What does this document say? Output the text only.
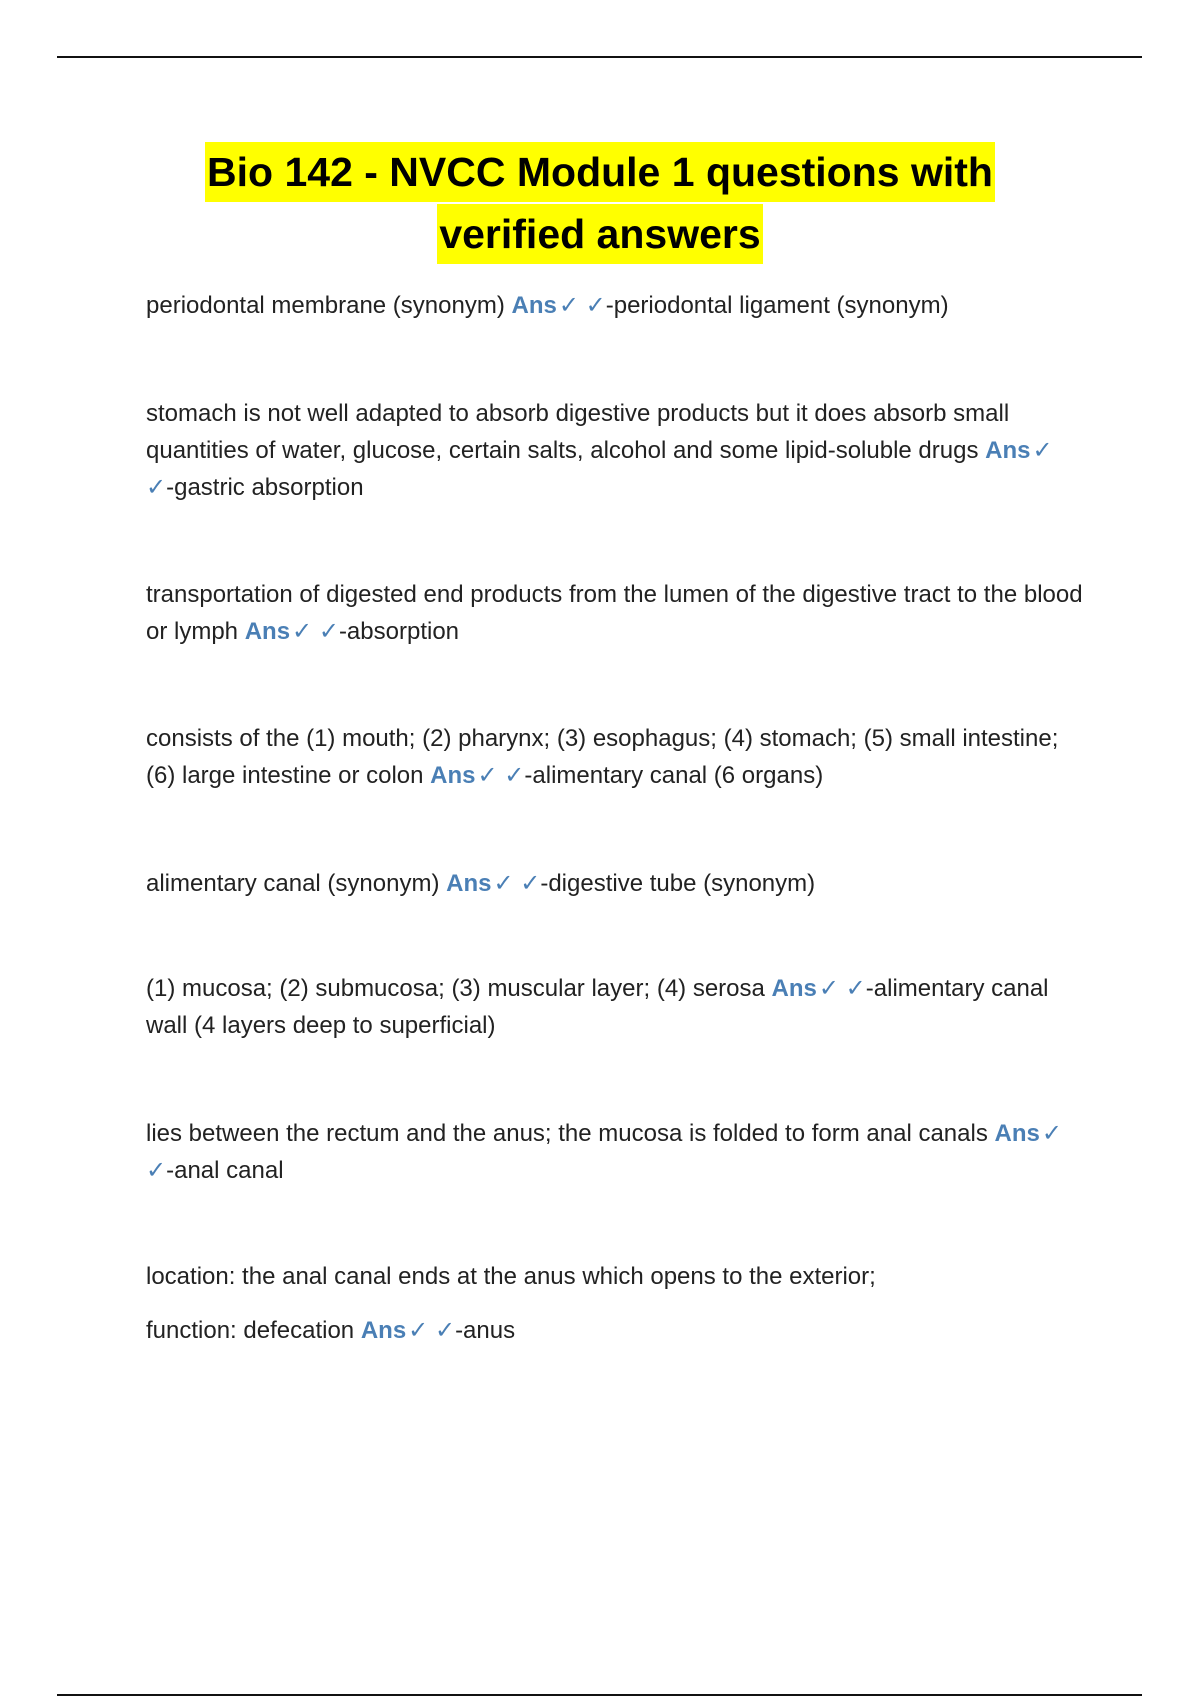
Bio 142 - NVCC Module 1 questions with
verified answers
periodontal membrane (synonym) Ans✓ ✓-periodontal ligament (synonym)
stomach is not well adapted to absorb digestive products but it does absorb small quantities of water, glucose, certain salts, alcohol and some lipid-soluble drugs Ans✓ ✓-gastric absorption
transportation of digested end products from the lumen of the digestive tract to the blood or lymph Ans✓ ✓-absorption
consists of the (1) mouth; (2) pharynx; (3) esophagus; (4) stomach; (5) small intestine; (6) large intestine or colon Ans✓ ✓-alimentary canal (6 organs)
alimentary canal (synonym) Ans✓ ✓-digestive tube (synonym)
(1) mucosa; (2) submucosa; (3) muscular layer; (4) serosa Ans✓ ✓-alimentary canal wall (4 layers deep to superficial)
lies between the rectum and the anus; the mucosa is folded to form anal canals Ans✓ ✓-anal canal
location: the anal canal ends at the anus which opens to the exterior;
function: defecation Ans✓ ✓-anus
